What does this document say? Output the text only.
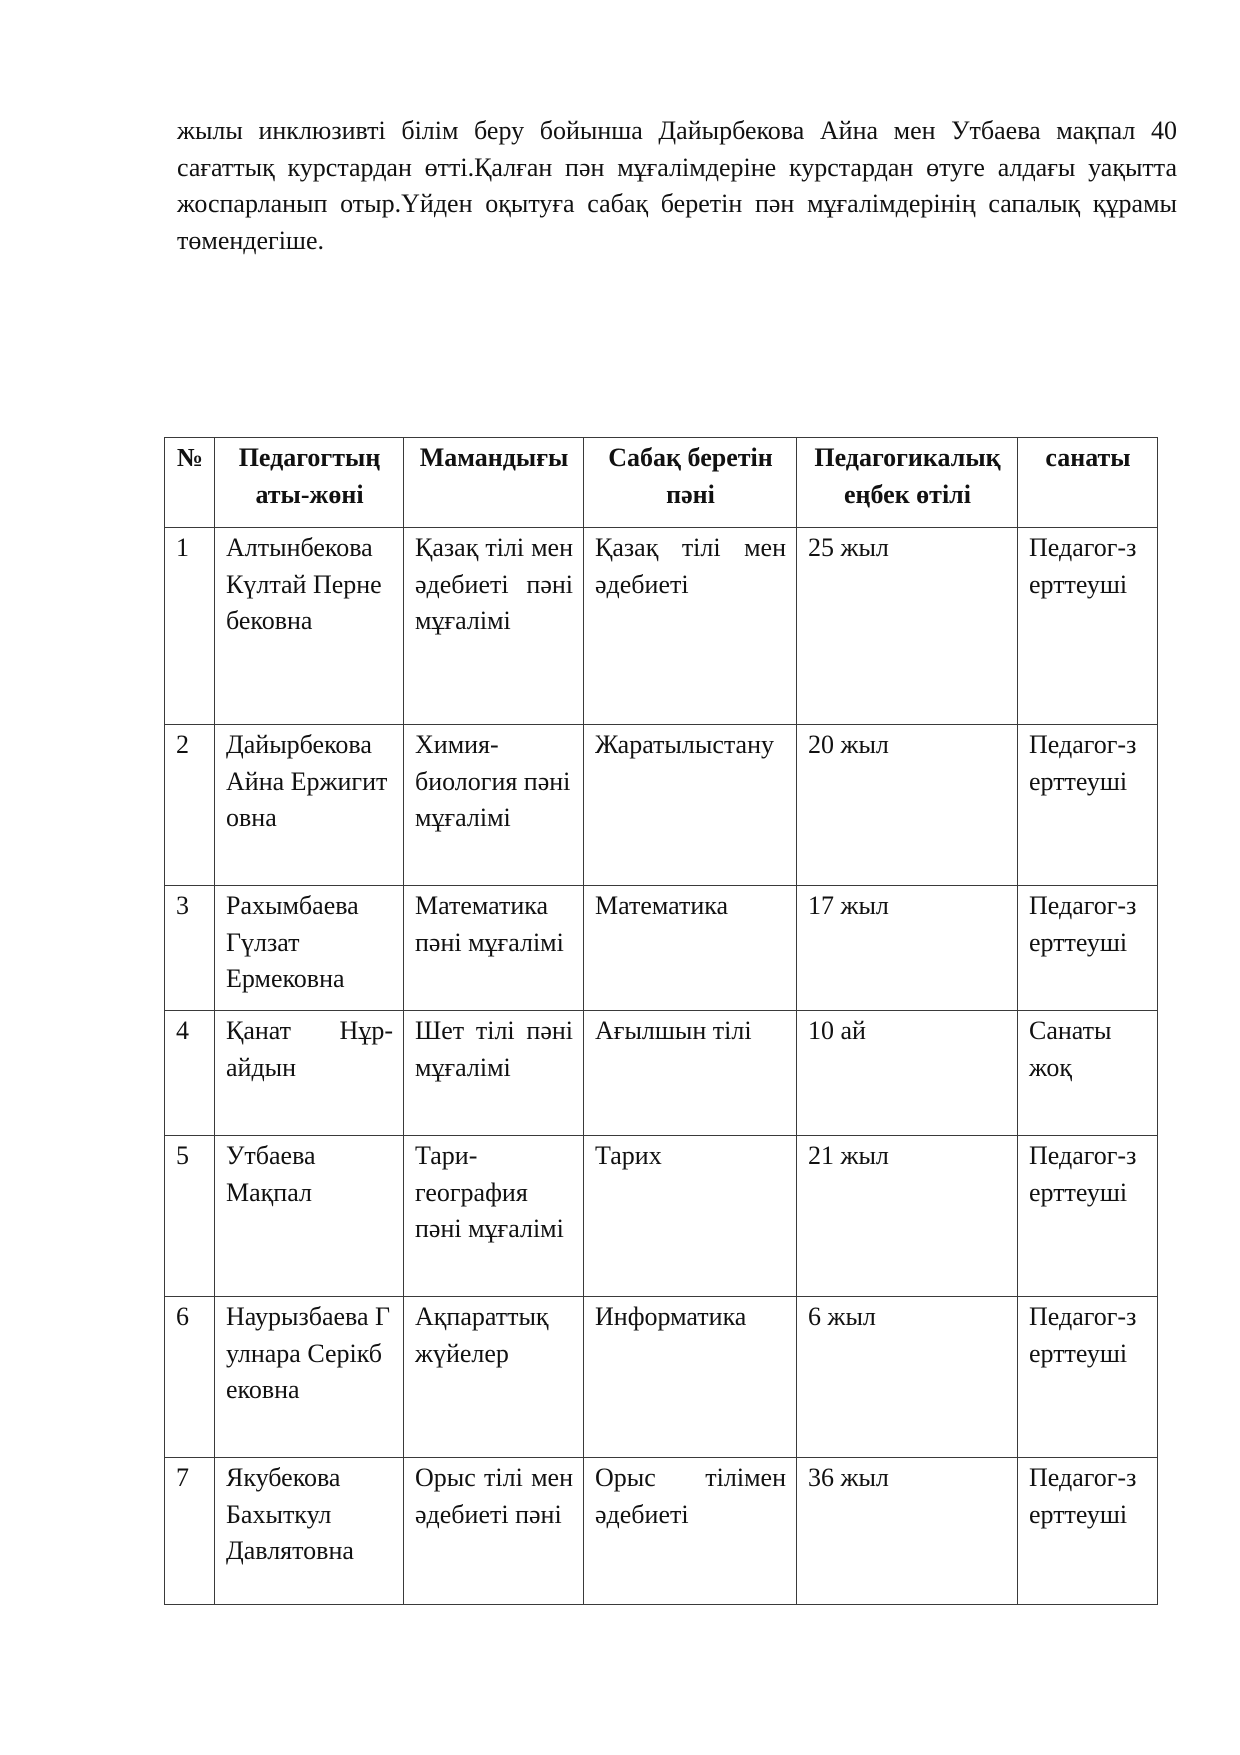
жылы инклюзивті білім беру бойынша Дайырбекова Айна мен Утбаева мақпал 40 сағаттық курстардан өтті.Қалған пән мұғалімдеріне курстардан өтуге алдағы уақытта жоспарланып отыр.Үйден оқытуға сабақ беретін пән мұғалімдерінің сапалық құрамы төмендегіше.

№	Педагогтың аты-жөні	Мамандығы	Сабақ беретін пәні	Педагогикалық еңбек өтілі	санаты
1	Алтынбекова Күлтай Пернебековна	Қазақ тілі мен әдебиеті пәні мұғалімі	Қазақ тілі мен әдебиеті	25 жыл	Педагог-зерттеуші
2	Дайырбекова Айна Ержигитовна	Химия-биология пәні мұғалімі	Жаратылыстану	20 жыл	Педагог-зерттеуші
3	Рахымбаева Гүлзат Ермековна	Математика пәні мұғалімі	Математика	17 жыл	Педагог-зерттеуші
4	Қанат Нұр-айдын	Шет тілі пәні мұғалімі	Ағылшын тілі	10 ай	Санаты жоқ
5	Утбаева Мақпал	Тари-география пәні мұғалімі	Тарих	21 жыл	Педагог-зерттеуші
6	Наурызбаева Гулнара Серікбековна	Ақпараттық жүйелер	Информатика	6 жыл	Педагог-зерттеуші
7	Якубекова Бахыткул Давлятовна	Орыс тілі мен әдебиеті пәні	Орыс тілімен әдебиеті	36 жыл	Педагог-зерттеуші
